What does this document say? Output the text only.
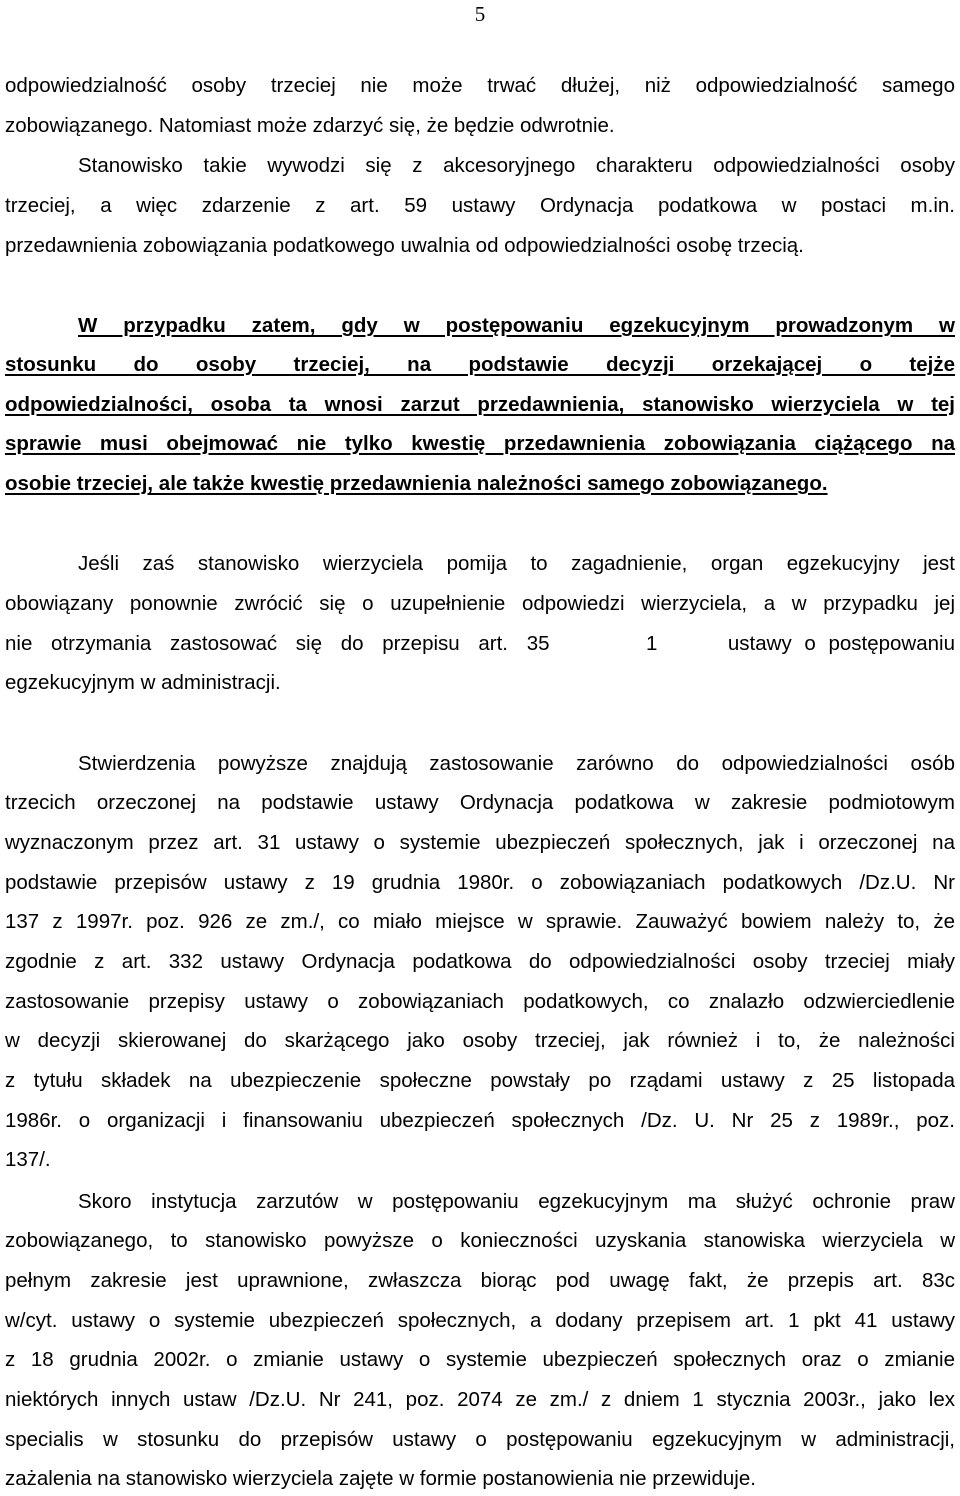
5
odpowiedzialność osoby trzeciej nie może trwać dłużej, niż odpowiedzialność samego
zobowiązanego. Natomiast może zdarzyć się, że będzie odwrotnie.
Stanowisko takie wywodzi się z akcesoryjnego charakteru odpowiedzialności osoby
trzeciej, a więc zdarzenie z art. 59 ustawy Ordynacja podatkowa w postaci m.in.
przedawnienia zobowiązania podatkowego uwalnia od odpowiedzialności osobę trzecią.
W przypadku zatem, gdy w postępowaniu egzekucyjnym prowadzonym w
stosunku do osoby trzeciej, na podstawie decyzji orzekającej o tejże
odpowiedzialności, osoba ta wnosi zarzut przedawnienia, stanowisko wierzyciela w tej
sprawie musi obejmować nie tylko kwestię przedawnienia zobowiązania ciążącego na
osobie trzeciej, ale także kwestię przedawnienia należności samego zobowiązanego.
Jeśli zaś stanowisko wierzyciela pomija to zagadnienie, organ egzekucyjny jest
obowiązany ponownie zwrócić się o uzupełnienie odpowiedzi wierzyciela, a w przypadku jej
nie otrzymania zastosować się do przepisu art. 35	1	ustawy o postępowaniu
egzekucyjnym w administracji.
Stwierdzenia powyższe znajdują zastosowanie zarówno do odpowiedzialności osób
trzecich orzeczonej na podstawie ustawy Ordynacja podatkowa w zakresie podmiotowym
wyznaczonym przez art. 31 ustawy o systemie ubezpieczeń społecznych, jak i orzeczonej na
podstawie przepisów ustawy z 19 grudnia 1980r. o zobowiązaniach podatkowych /Dz.U. Nr
137 z 1997r. poz. 926 ze zm./, co miało miejsce w sprawie. Zauważyć bowiem należy to, że
zgodnie z art. 332 ustawy Ordynacja podatkowa do odpowiedzialności osoby trzeciej miały
zastosowanie przepisy ustawy o zobowiązaniach podatkowych, co znalazło odzwierciedlenie
w decyzji skierowanej do skarżącego jako osoby trzeciej, jak również i to, że należności
z tytułu składek na ubezpieczenie społeczne powstały po rządami ustawy z 25 listopada
1986r. o organizacji i finansowaniu ubezpieczeń społecznych /Dz. U. Nr 25 z 1989r., poz.
137/.
Skoro instytucja zarzutów w postępowaniu egzekucyjnym ma służyć ochronie praw
zobowiązanego, to stanowisko powyższe o konieczności uzyskania stanowiska wierzyciela w
pełnym zakresie jest uprawnione, zwłaszcza biorąc pod uwagę fakt, że przepis art. 83c
w/cyt. ustawy o systemie ubezpieczeń społecznych, a dodany przepisem art. 1 pkt 41 ustawy
z 18 grudnia 2002r. o zmianie ustawy o systemie ubezpieczeń społecznych oraz o zmianie
niektórych innych ustaw /Dz.U. Nr 241, poz. 2074 ze zm./ z dniem 1 stycznia 2003r., jako lex
specialis w stosunku do przepisów ustawy o postępowaniu egzekucyjnym w administracji,
zażalenia na stanowisko wierzyciela zajęte w formie postanowienia nie przewiduje.
